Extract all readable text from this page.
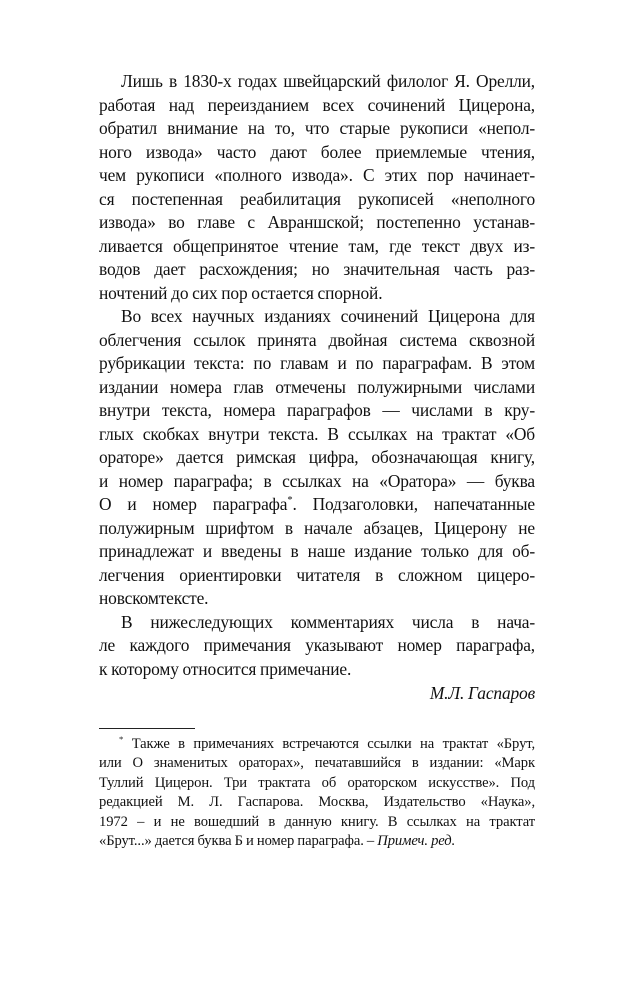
Лишь в 1830-х годах швейцарский филолог Я. Орелли,
работая над переизданием всех сочинений Цицерона,
обратил внимание на то, что старые рукописи «непол-
ного извода» часто дают более приемлемые чтения,
чем рукописи «полного извода». С этих пор начинает-
ся постепенная реабилитация рукописей «неполного
извода» во главе с Авраншской; постепенно устанав-
ливается общепринятое чтение там, где текст двух из-
водов дает расхождения; но значительная часть раз-
ночтений до сих пор остается спорной.
Во всех научных изданиях сочинений Цицерона для
облегчения ссылок принята двойная система сквозной
рубрикации текста: по главам и по параграфам. В этом
издании номера глав отмечены полужирными числами
внутри текста, номера параграфов — числами в кру-
глых скобках внутри текста. В ссылках на трактат «Об
ораторе» дается римская цифра, обозначающая книгу,
и номер параграфа; в ссылках на «Оратора» — буква
О и номер параграфа*. Подзаголовки, напечатанные
полужирным шрифтом в начале абзацев, Цицерону не
принадлежат и введены в наше издание только для об-
легчения ориентировки читателя в сложном цицеро-
новскомтексте.
В нижеследующих комментариях числа в нача-
ле каждого примечания указывают номер параграфа,
к которому относится примечание.
М.Л. Гаспаров
* Также в примечаниях встречаются ссылки на трактат «Брут,
или О знаменитых ораторах», печатавшийся в издании: «Марк
Туллий Цицерон. Три трактата об ораторском искусстве». Под
редакцией М. Л. Гаспарова. Москва, Издательство «Наука»,
1972 – и не вошедший в данную книгу. В ссылках на трактат
«Брут...» дается буква Б и номер параграфа. – Примеч. ред.
